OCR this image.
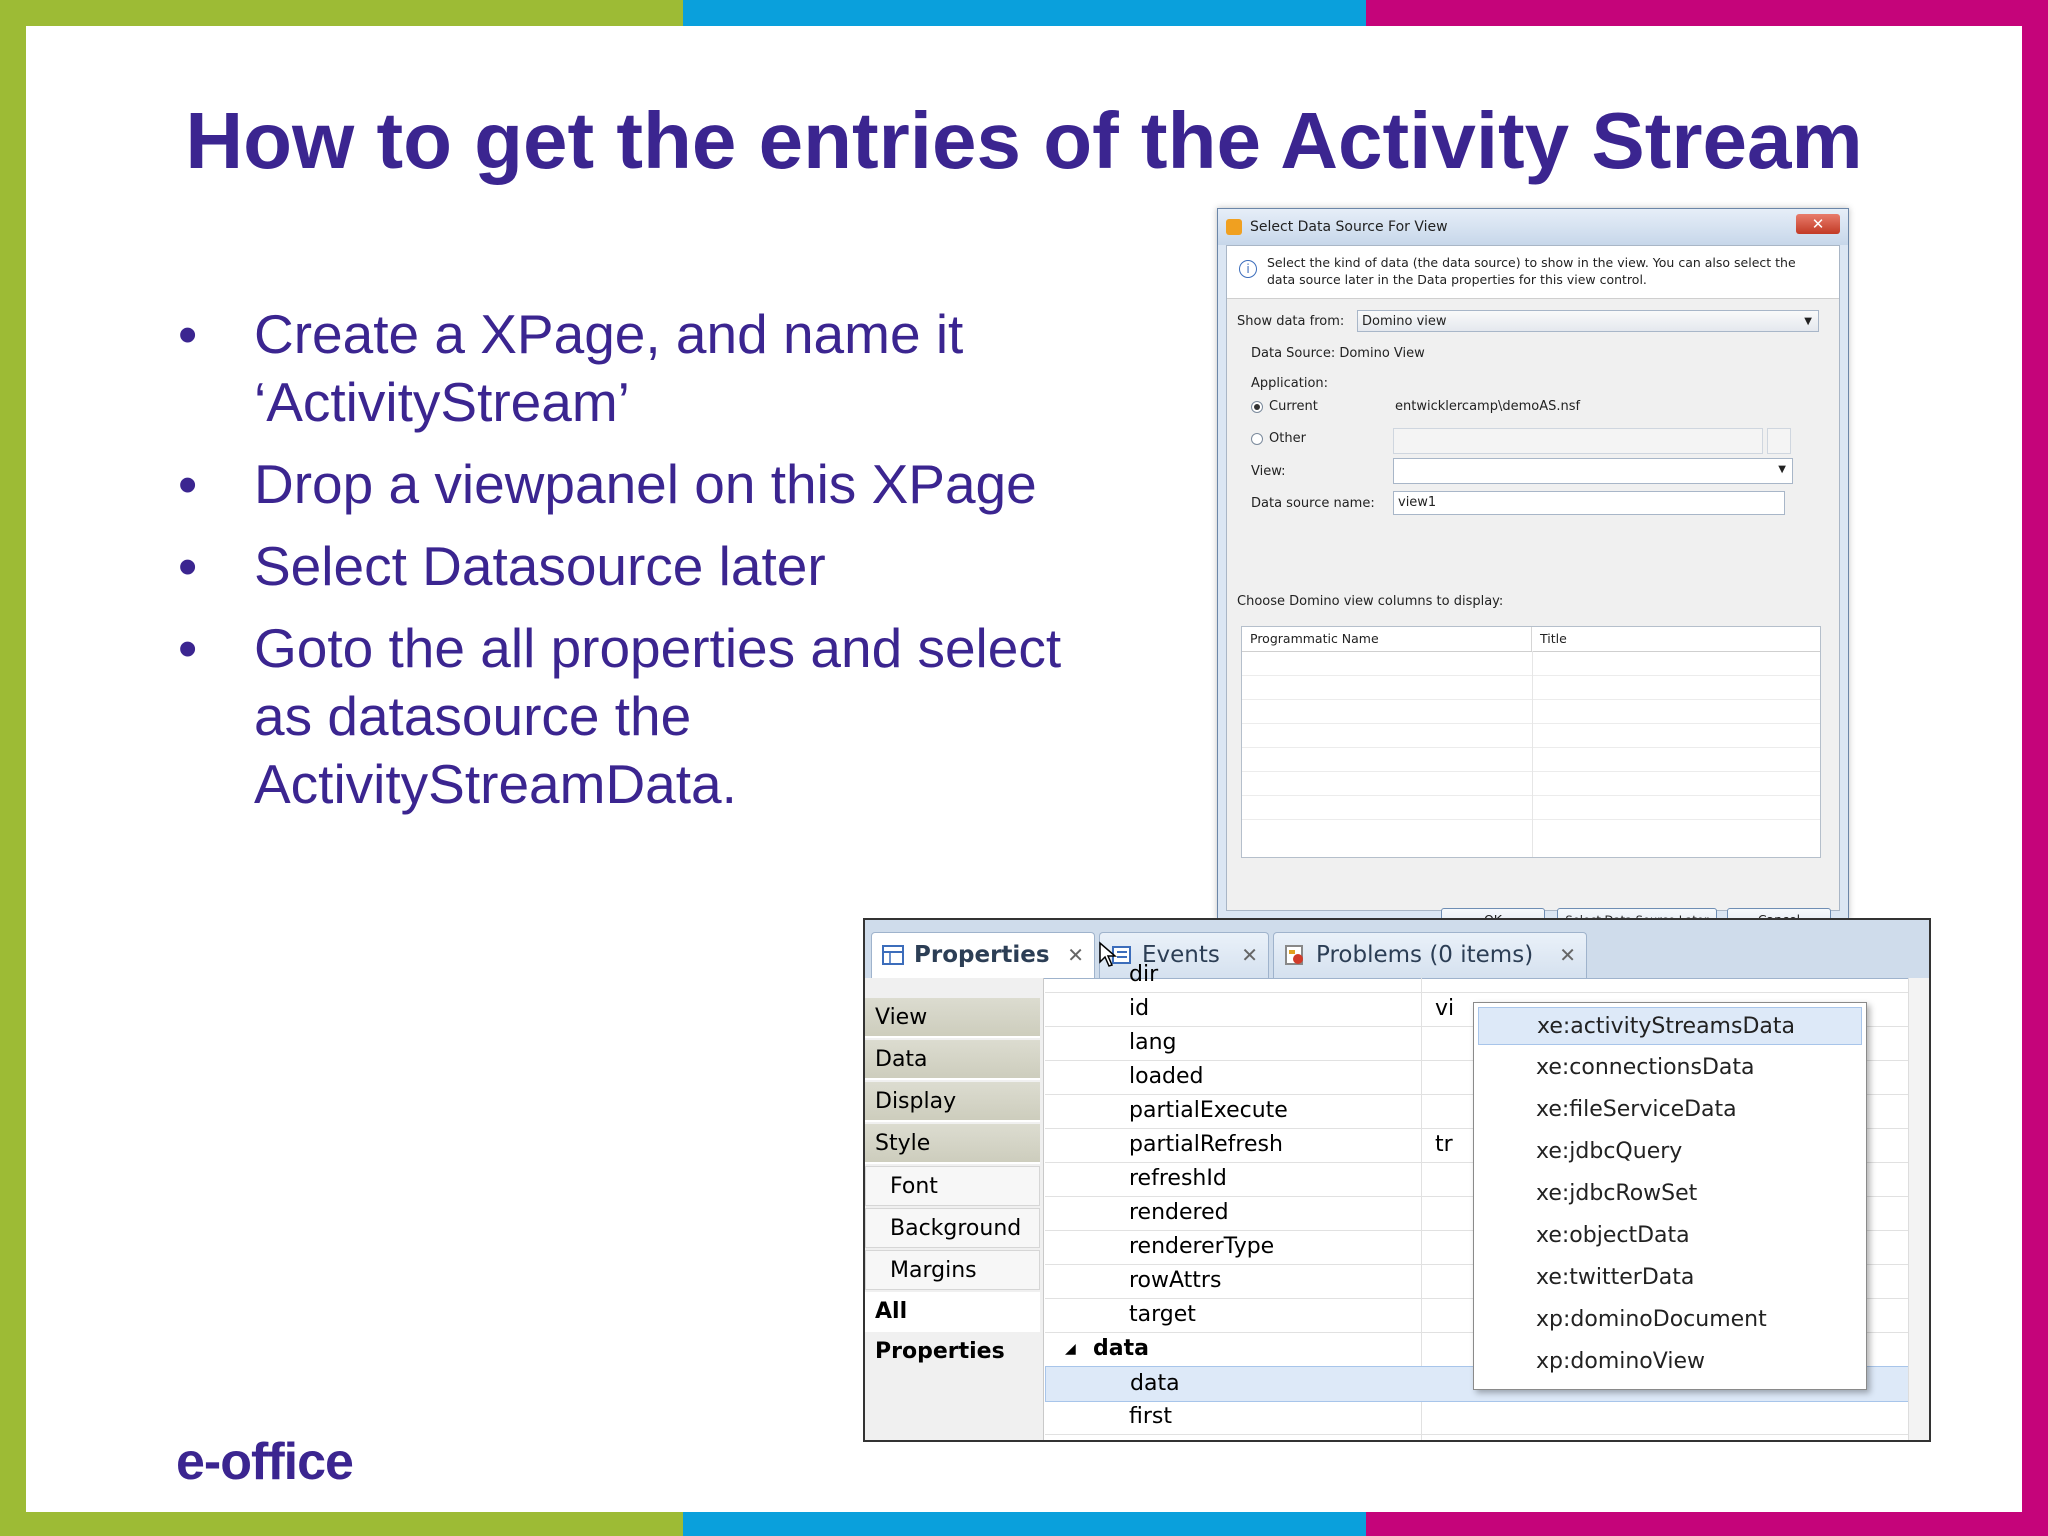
How to get the entries of the Activity Stream
• Create a XPage, and name it ‘ActivityStream’
• Drop a viewpanel on this XPage
• Select Datasource later
• Goto the all properties and select as datasource the ActivityStreamData.
e-office
Select Data Source For View	✕
i	Select the kind of data (the data source) to show in the view. You can also select the data source later in the Data properties for this view control.
Show data from:	Domino view	▼
Data Source: Domino View
Application:
Current	entwicklercamp\demoAS.nsf
Other
View:	▼
Data source name:	view1
Choose Domino view columns to display:
Programmatic Name	Title
Properties ✕	Events ✕	Problems (0 items) ✕
View
Data
Display
Style
Font
Background
Margins
All Properties
dir
id	vi
lang
loaded
partialExecute
partialRefresh	tr
refreshId
rendered
rendererType
rowAttrs
target
◢ data
data
first
xe:activityStreamsData
xe:connectionsData
xe:fileServiceData
xe:jdbcQuery
xe:jdbcRowSet
xe:objectData
xe:twitterData
xp:dominoDocument
xp:dominoView
